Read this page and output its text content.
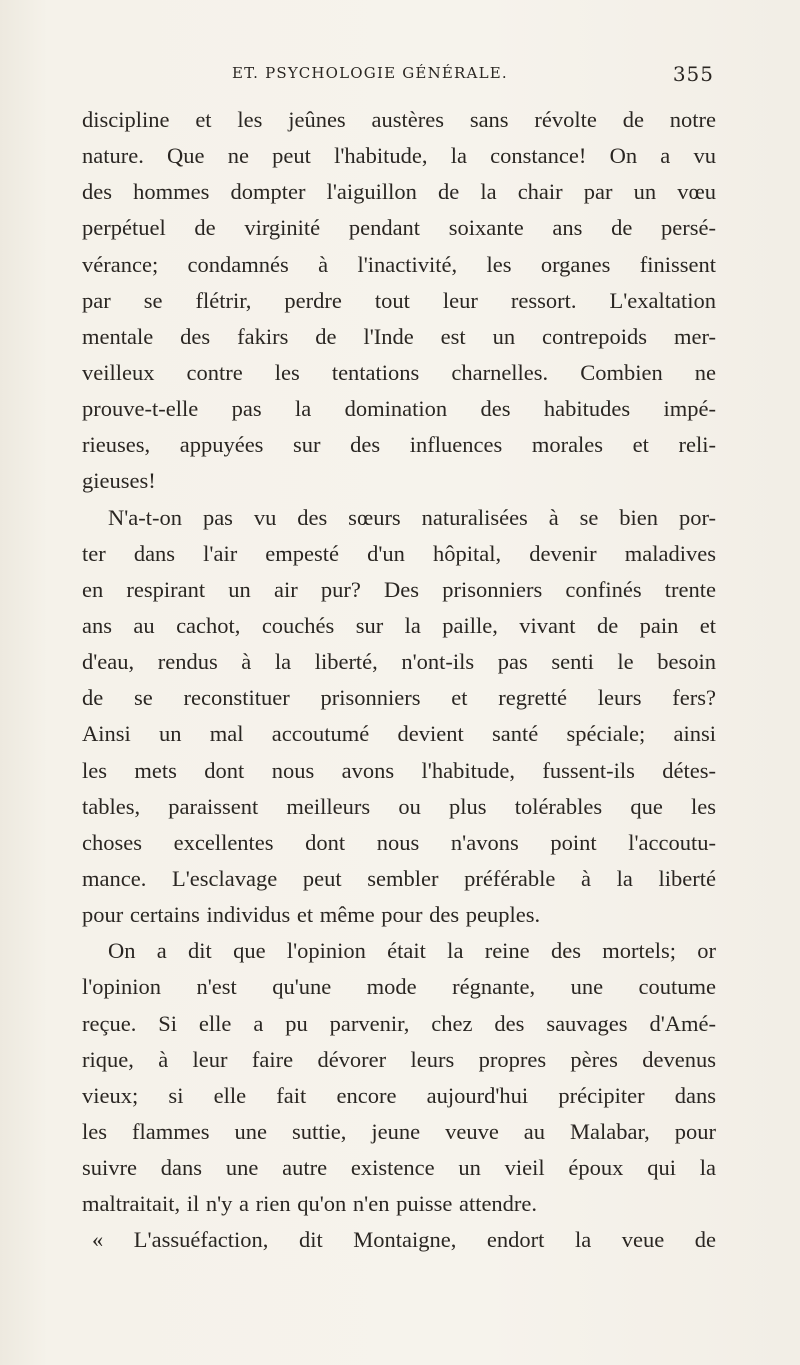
ET. PSYCHOLOGIE GÉNÉRALE.	355
discipline et les jeûnes austères sans révolte de notre
nature. Que ne peut l'habitude, la constance! On a vu
des hommes dompter l'aiguillon de la chair par un vœu
perpétuel de virginité pendant soixante ans de persé-
vérance; condamnés à l'inactivité, les organes finissent
par se flétrir, perdre tout leur ressort. L'exaltation
mentale des fakirs de l'Inde est un contrepoids mer-
veilleux contre les tentations charnelles. Combien ne
prouve-t-elle pas la domination des habitudes impé-
rieuses, appuyées sur des influences morales et reli-
gieuses!
N'a-t-on pas vu des sœurs naturalisées à se bien por-
ter dans l'air empesté d'un hôpital, devenir maladives
en respirant un air pur? Des prisonniers confinés trente
ans au cachot, couchés sur la paille, vivant de pain et
d'eau, rendus à la liberté, n'ont-ils pas senti le besoin
de se reconstituer prisonniers et regretté leurs fers?
Ainsi un mal accoutumé devient santé spéciale; ainsi
les mets dont nous avons l'habitude, fussent-ils détes-
tables, paraissent meilleurs ou plus tolérables que les
choses excellentes dont nous n'avons point l'accoutu-
mance. L'esclavage peut sembler préférable à la liberté
pour certains individus et même pour des peuples.
On a dit que l'opinion était la reine des mortels; or
l'opinion n'est qu'une mode régnante, une coutume
reçue. Si elle a pu parvenir, chez des sauvages d'Amé-
rique, à leur faire dévorer leurs propres pères devenus
vieux; si elle fait encore aujourd'hui précipiter dans
les flammes une suttie, jeune veuve au Malabar, pour
suivre dans une autre existence un vieil époux qui la
maltraitait, il n'y a rien qu'on n'en puisse attendre.
« L'assuéfaction, dit Montaigne, endort la veue de
